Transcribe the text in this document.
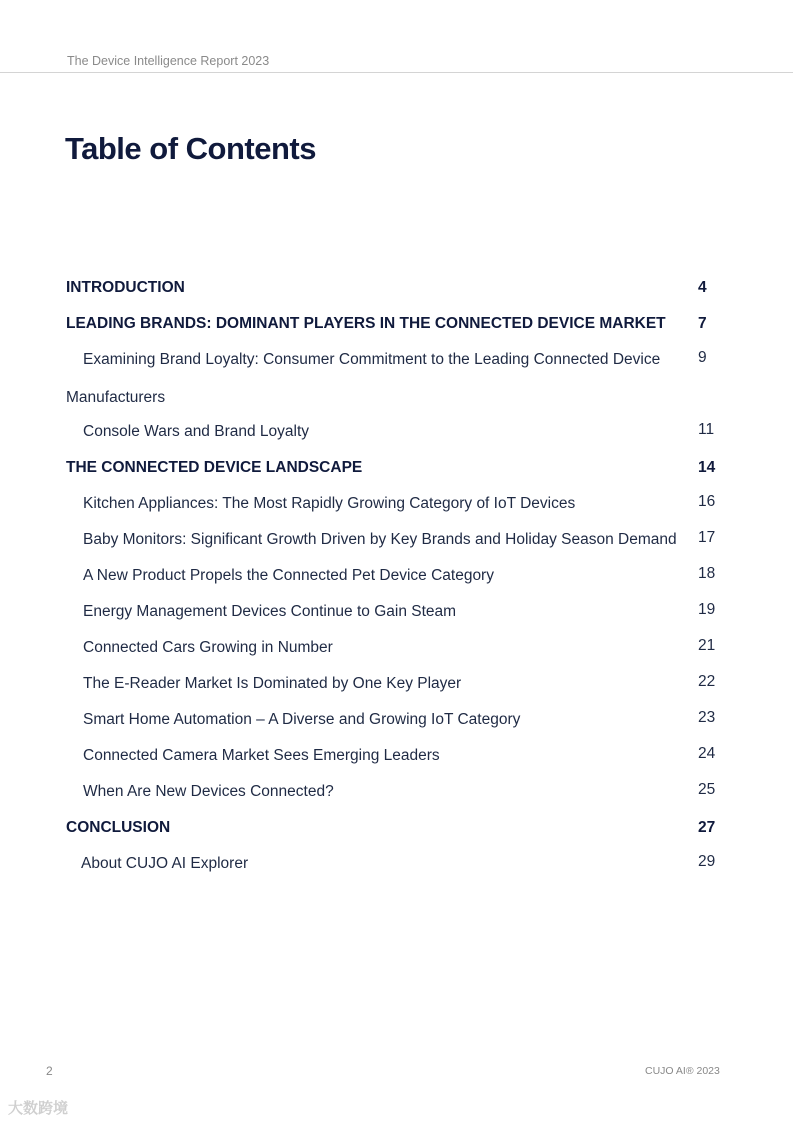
The Device Intelligence Report 2023
Table of Contents
INTRODUCTION	4
LEADING BRANDS: DOMINANT PLAYERS IN THE CONNECTED DEVICE MARKET 7
Examining Brand Loyalty: Consumer Commitment to the Leading Connected Device 9
Manufacturers
Console Wars and Brand Loyalty	11
THE CONNECTED DEVICE LANDSCAPE	14
Kitchen Appliances: The Most Rapidly Growing Category of IoT Devices	16
Baby Monitors: Significant Growth Driven by Key Brands and Holiday Season Demand 17
A New Product Propels the Connected Pet Device Category	18
Energy Management Devices Continue to Gain Steam	19
Connected Cars Growing in Number	21
The E-Reader Market Is Dominated by One Key Player	22
Smart Home Automation – A Diverse and Growing IoT Category	23
Connected Camera Market Sees Emerging Leaders	24
When Are New Devices Connected?	25
CONCLUSION	27
About CUJO AI Explorer	29
2	CUJO AI® 2023
大数跨境
